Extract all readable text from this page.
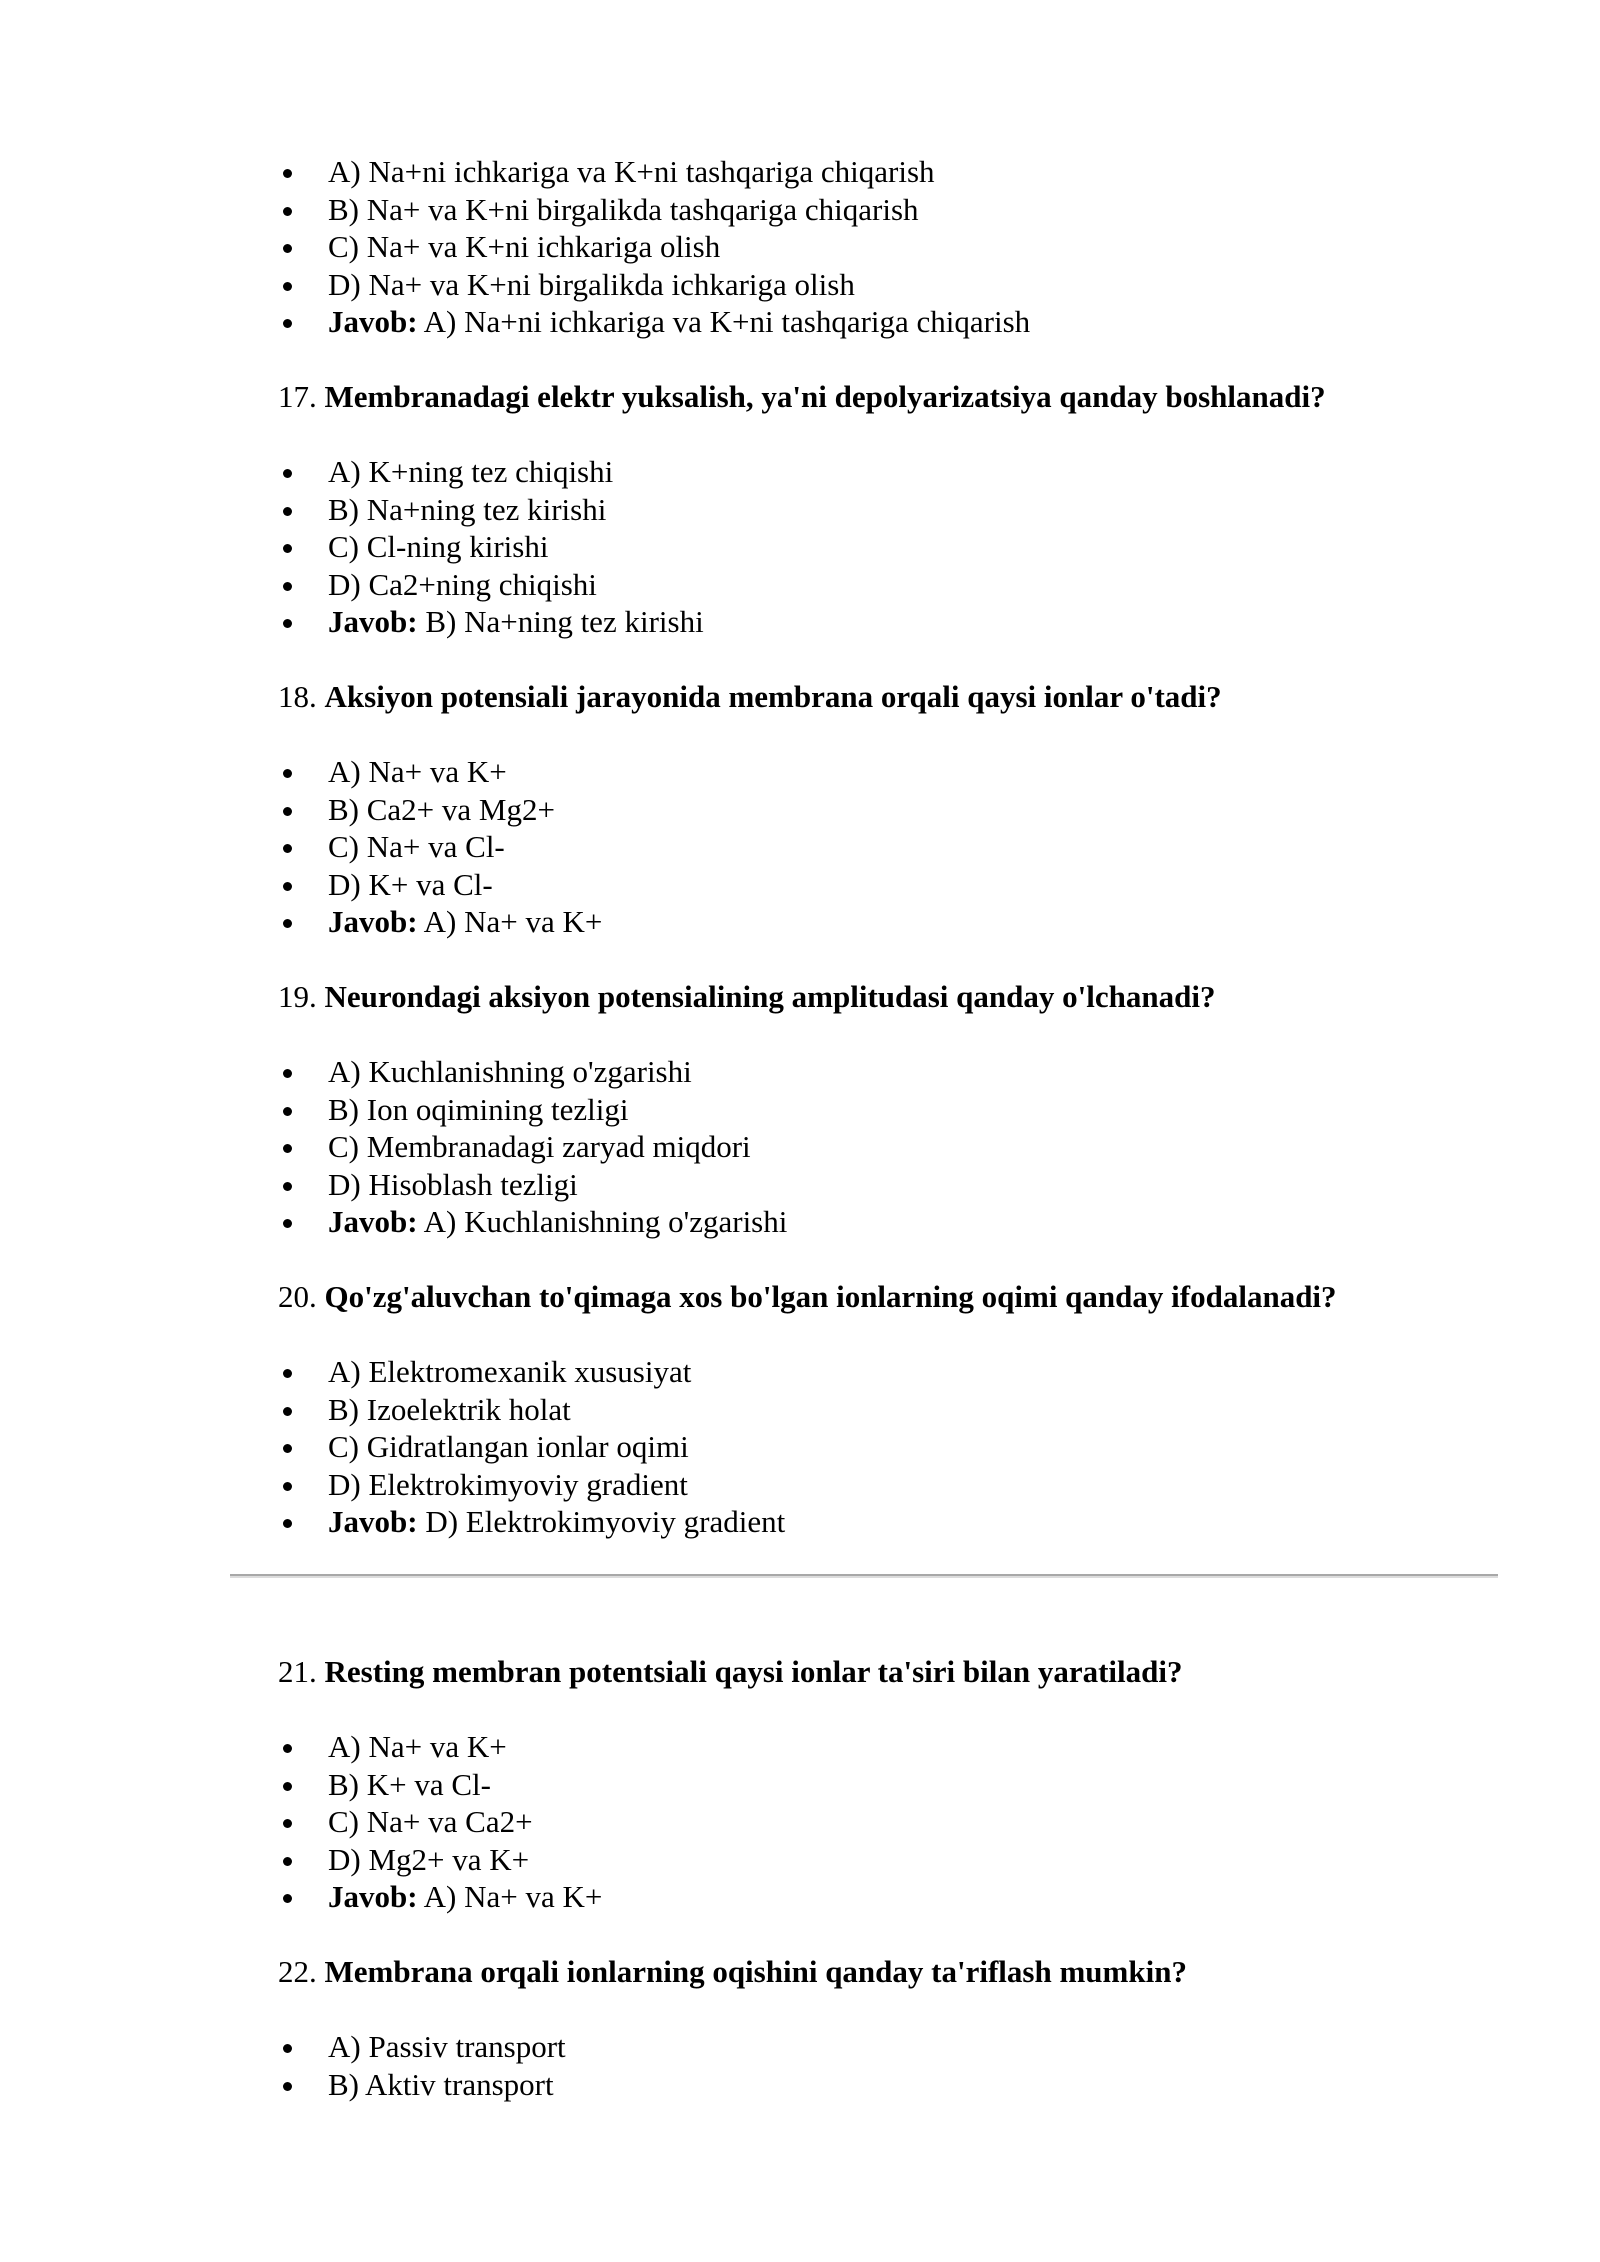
A) Na+ni ichkariga va K+ni tashqariga chiqarish
B) Na+ va K+ni birgalikda tashqariga chiqarish
C) Na+ va K+ni ichkariga olish
D) Na+ va K+ni birgalikda ichkariga olish
Javob: A) Na+ni ichkariga va K+ni tashqariga chiqarish
17. Membranadagi elektr yuksalish, ya'ni depolyarizatsiya qanday boshlanadi?
A) K+ning tez chiqishi
B) Na+ning tez kirishi
C) Cl-ning kirishi
D) Ca2+ning chiqishi
Javob: B) Na+ning tez kirishi
18. Aksiyon potensiali jarayonida membrana orqali qaysi ionlar o'tadi?
A) Na+ va K+
B) Ca2+ va Mg2+
C) Na+ va Cl-
D) K+ va Cl-
Javob: A) Na+ va K+
19. Neurondagi aksiyon potensialining amplitudasi qanday o'lchanadi?
A) Kuchlanishning o'zgarishi
B) Ion oqimining tezligi
C) Membranadagi zaryad miqdori
D) Hisoblash tezligi
Javob: A) Kuchlanishning o'zgarishi
20. Qo'zg'aluvchan to'qimaga xos bo'lgan ionlarning oqimi qanday ifodalanadi?
A) Elektromexanik xususiyat
B) Izoelektrik holat
C) Gidratlangan ionlar oqimi
D) Elektrokimyoviy gradient
Javob: D) Elektrokimyoviy gradient
21. Resting membran potentsiali qaysi ionlar ta'siri bilan yaratiladi?
A) Na+ va K+
B) K+ va Cl-
C) Na+ va Ca2+
D) Mg2+ va K+
Javob: A) Na+ va K+
22. Membrana orqali ionlarning oqishini qanday ta'riflash mumkin?
A) Passiv transport
B) Aktiv transport
